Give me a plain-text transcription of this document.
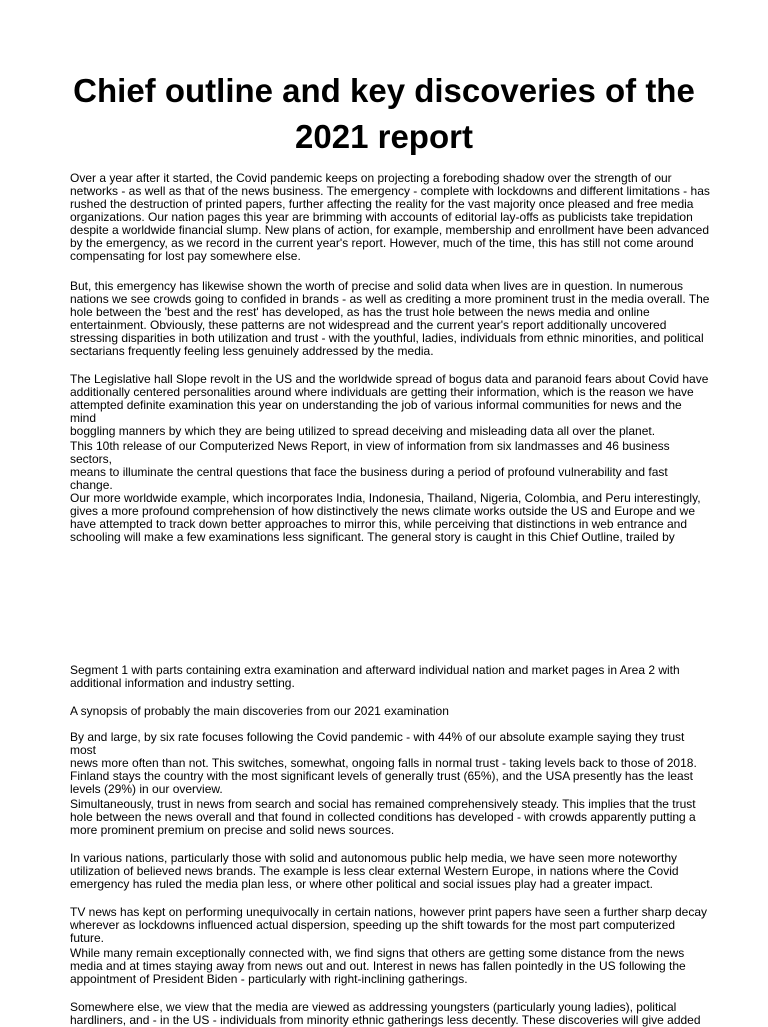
Chief outline and key discoveries of the 2021 report

Over a year after it started, the Covid pandemic keeps on projecting a foreboding shadow over the strength of our
networks - as well as that of the news business. The emergency - complete with lockdowns and different limitations - has
rushed the destruction of printed papers, further affecting the reality for the vast majority once pleased and free media
organizations. Our nation pages this year are brimming with accounts of editorial lay-offs as publicists take trepidation
despite a worldwide financial slump. New plans of action, for example, membership and enrollment have been advanced
by the emergency, as we record in the current year's report. However, much of the time, this has still not come around
compensating for lost pay somewhere else.

But, this emergency has likewise shown the worth of precise and solid data when lives are in question. In numerous
nations we see crowds going to confided in brands - as well as crediting a more prominent trust in the media overall. The
hole between the 'best and the rest' has developed, as has the trust hole between the news media and online
entertainment. Obviously, these patterns are not widespread and the current year's report additionally uncovered
stressing disparities in both utilization and trust - with the youthful, ladies, individuals from ethnic minorities, and political
sectarians frequently feeling less genuinely addressed by the media.

The Legislative hall Slope revolt in the US and the worldwide spread of bogus data and paranoid fears about Covid have
additionally centered personalities around where individuals are getting their information, which is the reason we have
attempted definite examination this year on understanding the job of various informal communities for news and the mind
boggling manners by which they are being utilized to spread deceiving and misleading data all over the planet.

This 10th release of our Computerized News Report, in view of information from six landmasses and 46 business sectors,
means to illuminate the central questions that face the business during a period of profound vulnerability and fast change.
Our more worldwide example, which incorporates India, Indonesia, Thailand, Nigeria, Colombia, and Peru interestingly,
gives a more profound comprehension of how distinctively the news climate works outside the US and Europe and we
have attempted to track down better approaches to mirror this, while perceiving that distinctions in web entrance and
schooling will make a few examinations less significant. The general story is caught in this Chief Outline, trailed by

Segment 1 with parts containing extra examination and afterward individual nation and market pages in Area 2 with
additional information and industry setting.

A synopsis of probably the main discoveries from our 2021 examination

By and large, by six rate focuses following the Covid pandemic - with 44% of our absolute example saying they trust most
news more often than not. This switches, somewhat, ongoing falls in normal trust - taking levels back to those of 2018.
Finland stays the country with the most significant levels of generally trust (65%), and the USA presently has the least
levels (29%) in our overview.

Simultaneously, trust in news from search and social has remained comprehensively steady. This implies that the trust
hole between the news overall and that found in collected conditions has developed - with crowds apparently putting a
more prominent premium on precise and solid news sources.

In various nations, particularly those with solid and autonomous public help media, we have seen more noteworthy
utilization of believed news brands. The example is less clear external Western Europe, in nations where the Covid
emergency has ruled the media plan less, or where other political and social issues play had a greater impact.

TV news has kept on performing unequivocally in certain nations, however print papers have seen a further sharp decay
wherever as lockdowns influenced actual dispersion, speeding up the shift towards for the most part computerized future.

While many remain exceptionally connected with, we find signs that others are getting some distance from the news
media and at times staying away from news out and out. Interest in news has fallen pointedly in the US following the
appointment of President Biden - particularly with right-inclining gatherings.

Somewhere else, we view that the media are viewed as addressing youngsters (particularly young ladies), political
hardliners, and - in the US - individuals from minority ethnic gatherings less decently. These discoveries will give added
